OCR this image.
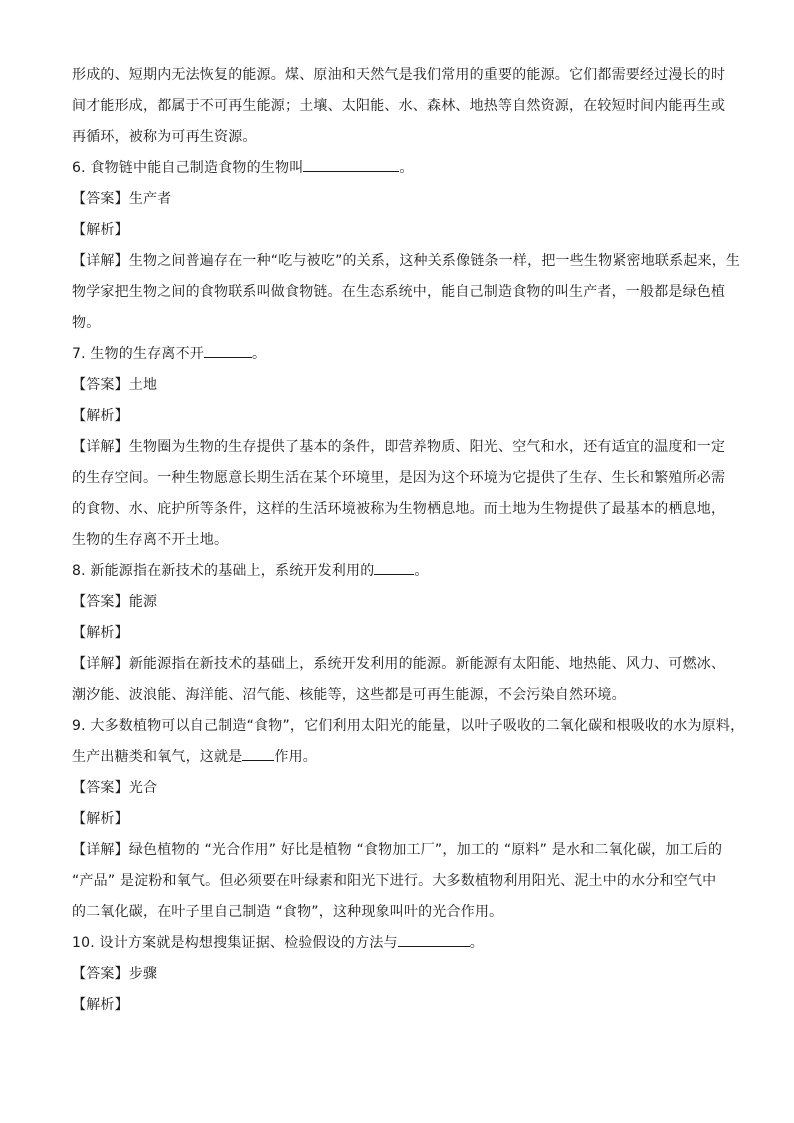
形成的、短期内无法恢复的能源。煤、原油和天然气是我们常用的重要的能源。它们都需要经过漫长的时
间才能形成，都属于不可再生能源；土壤、太阳能、水、森林、地热等自然资源，在较短时间内能再生或
再循环，被称为可再生资源。
6. 食物链中能自己制造食物的生物叫	。
【答案】生产者
【解析】
【详解】生物之间普遍存在一种“吃与被吃”的关系，这种关系像链条一样，把一些生物紧密地联系起来，生
物学家把生物之间的食物联系叫做食物链。在生态系统中，能自己制造食物的叫生产者，一般都是绿色植
物。
7. 生物的生存离不开	。
【答案】土地
【解析】
【详解】生物圈为生物的生存提供了基本的条件，即营养物质、阳光、空气和水，还有适宜的温度和一定
的生存空间。一种生物愿意长期生活在某个环境里，是因为这个环境为它提供了生存、生长和繁殖所必需
的食物、水、庇护所等条件，这样的生活环境被称为生物栖息地。而土地为生物提供了最基本的栖息地，
生物的生存离不开土地。
8. 新能源指在新技术的基础上，系统开发利用的	。
【答案】能源
【解析】
【详解】新能源指在新技术的基础上，系统开发利用的能源。新能源有太阳能、地热能、风力、可燃冰、
潮汐能、波浪能、海洋能、沼气能、核能等，这些都是可再生能源，不会污染自然环境。
9. 大多数植物可以自己制造“食物”，它们利用太阳光的能量，以叶子吸收的二氧化碳和根吸收的水为原料，
生产出糖类和氧气，这就是 作用。
【答案】光合
【解析】
【详解】绿色植物的 “光合作用” 好比是植物 “食物加工厂”，加工的 “原料” 是水和二氧化碳，加工后的
“产品” 是淀粉和氧气。但必须要在叶绿素和阳光下进行。大多数植物利用阳光、泥土中的水分和空气中
的二氧化碳，在叶子里自己制造 “食物”，这种现象叫叶的光合作用。
10. 设计方案就是构想搜集证据、检验假设的方法与	。
【答案】步骤
【解析】
